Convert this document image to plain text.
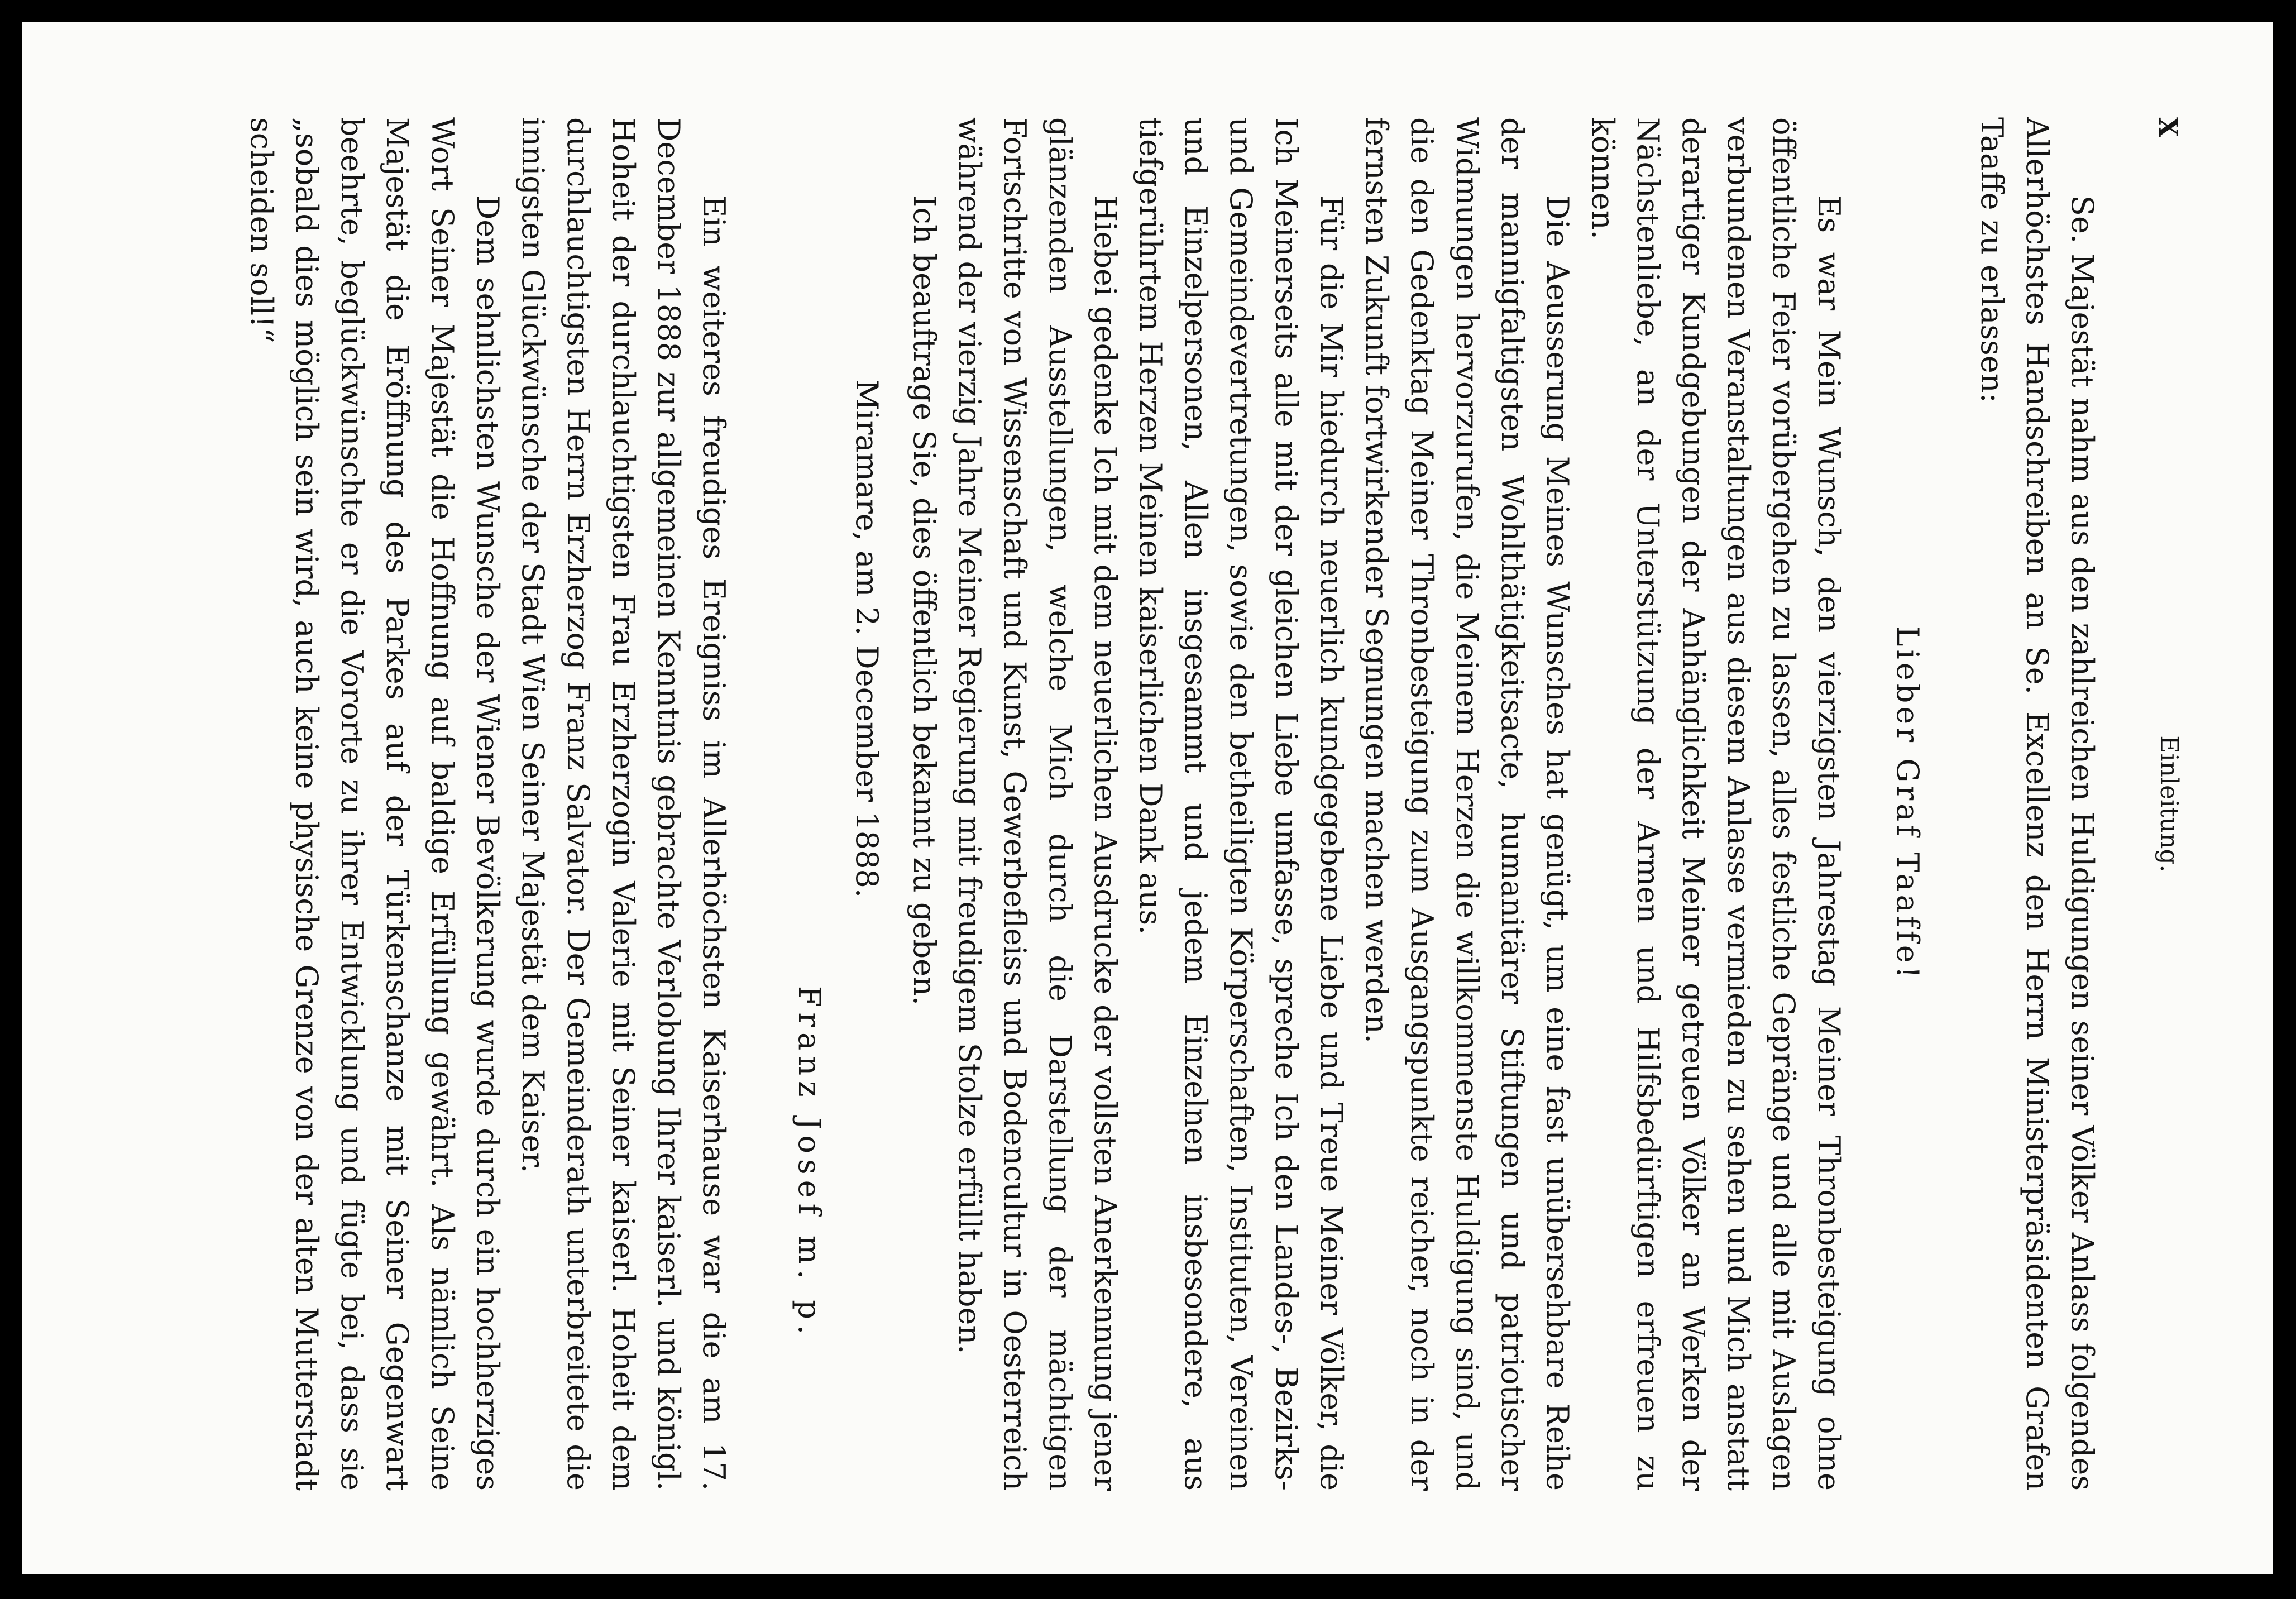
X
Einleitung.

Se. Majestät nahm aus den zahlreichen Huldigungen seiner Völker Anlass folgendes Allerhöchstes Handschreiben an Se. Excellenz den Herrn Ministerpräsidenten Grafen Taaffe zu erlassen:

Lieber Graf Taaffe!

Es war Mein Wunsch, den vierzigsten Jahrestag Meiner Thronbesteigung ohne öffentliche Feier vorübergehen zu lassen, alles festliche Gepränge und alle mit Auslagen verbundenen Veranstaltungen aus diesem Anlasse vermieden zu sehen und Mich anstatt derartiger Kundgebungen der Anhänglichkeit Meiner getreuen Völker an Werken der Nächstenliebe, an der Unterstützung der Armen und Hilfsbedürftigen erfreuen zu können.

Die Aeusserung Meines Wunsches hat genügt, um eine fast unübersehbare Reihe der mannigfaltigsten Wohlthätigkeitsacte, humanitärer Stiftungen und patriotischer Widmungen hervorzurufen, die Meinem Herzen die willkommenste Huldigung sind, und die den Gedenktag Meiner Thronbesteigung zum Ausgangspunkte reicher, noch in der fernsten Zukunft fortwirkender Segnungen machen werden.

Für die Mir hiedurch neuerlich kundgegebene Liebe und Treue Meiner Völker, die Ich Meinerseits alle mit der gleichen Liebe umfasse, spreche Ich den Landes-, Bezirks- und Gemeindevertretungen, sowie den betheiligten Körperschaften, Instituten, Vereinen und Einzelpersonen, Allen insgesammt und jedem Einzelnen insbesondere, aus tiefgerührtem Herzen Meinen kaiserlichen Dank aus.

Hiebei gedenke Ich mit dem neuerlichen Ausdrucke der vollsten Anerkennung jener glänzenden Ausstellungen, welche Mich durch die Darstellung der mächtigen Fortschritte von Wissenschaft und Kunst, Gewerbefleiss und Bodencultur in Oesterreich während der vierzig Jahre Meiner Regierung mit freudigem Stolze erfüllt haben.

Ich beauftrage Sie, dies öffentlich bekannt zu geben.

Miramare, am 2. December 1888.

Franz Josef m. p.

Ein weiteres freudiges Ereigniss im Allerhöchsten Kaiserhause war die am 17. December 1888 zur allgemeinen Kenntnis gebrachte Verlobung Ihrer kaiserl. und königl. Hoheit der durchlauchtigsten Frau Erzherzogin Valerie mit Seiner kaiserl. Hoheit dem durchlauchtigsten Herrn Erzherzog Franz Salvator. Der Gemeinderath unterbreitete die innigsten Glückwünsche der Stadt Wien Seiner Majestät dem Kaiser.

Dem sehnlichsten Wunsche der Wiener Bevölkerung wurde durch ein hochherziges Wort Seiner Majestät die Hoffnung auf baldige Erfüllung gewährt. Als nämlich Seine Majestät die Eröffnung des Parkes auf der Türkenschanze mit Seiner Gegenwart beehrte, beglückwünschte er die Vororte zu ihrer Entwicklung und fügte bei, dass sie „sobald dies möglich sein wird, auch keine physische Grenze von der alten Mutterstadt scheiden soll!“
